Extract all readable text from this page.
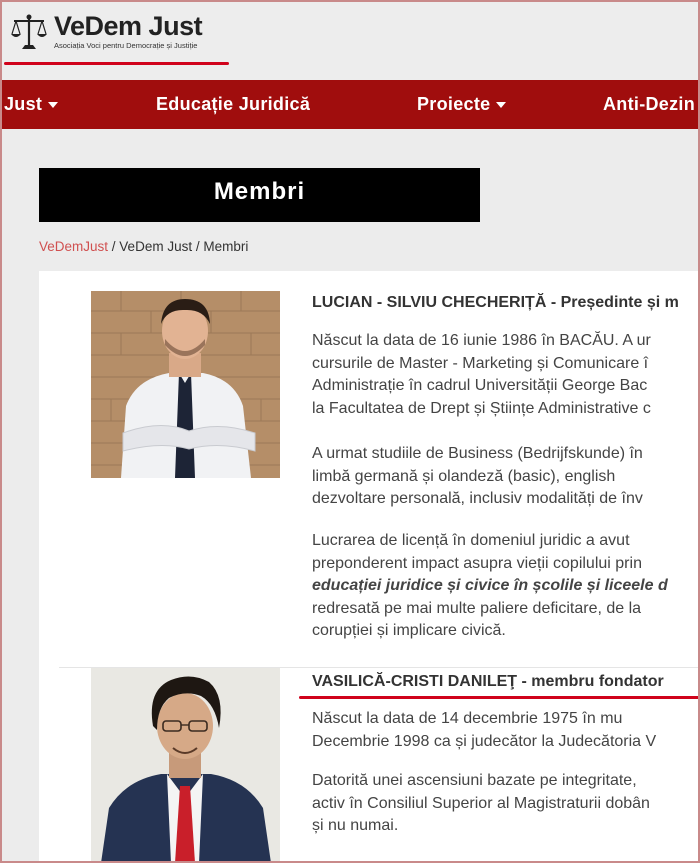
VeDem Just
Asociația Voci pentru Democrație și Justiție
Just	Educație Juridică	Proiecte	Anti-Dezin
Membri
VeDemJust / VeDem Just / Membri
LUCIAN - SILVIU CHECHERIȚĂ - Președinte și m
Născut la data de 16 iunie 1986 în BACĂU. A ur
cursurile de Master - Marketing și Comunicare î
Administrație în cadrul Universității George Bac
la Facultatea de Drept și Științe Administrative c
A urmat studiile de Business (Bedrijfskunde) în
limbă germană și olandeză (basic), english
dezvoltare personală, inclusiv modalități de înv
Lucrarea de licență în domeniul juridic a avut
preponderent impact asupra vieții copilului prin
educației juridice și civice în școlile și liceele d
redresată pe mai multe paliere deficitare, de la
corupției și implicare civică.
VASILICĂ-CRISTI DANILEŢ - membru fondator
Născut la data de 14 decembrie 1975 în mu
Decembrie 1998 ca și judecător la Judecătoria V
Datorită unei ascensiuni bazate pe integritate,
activ în Consiliul Superior al Magistraturii dobân
și nu numai.
